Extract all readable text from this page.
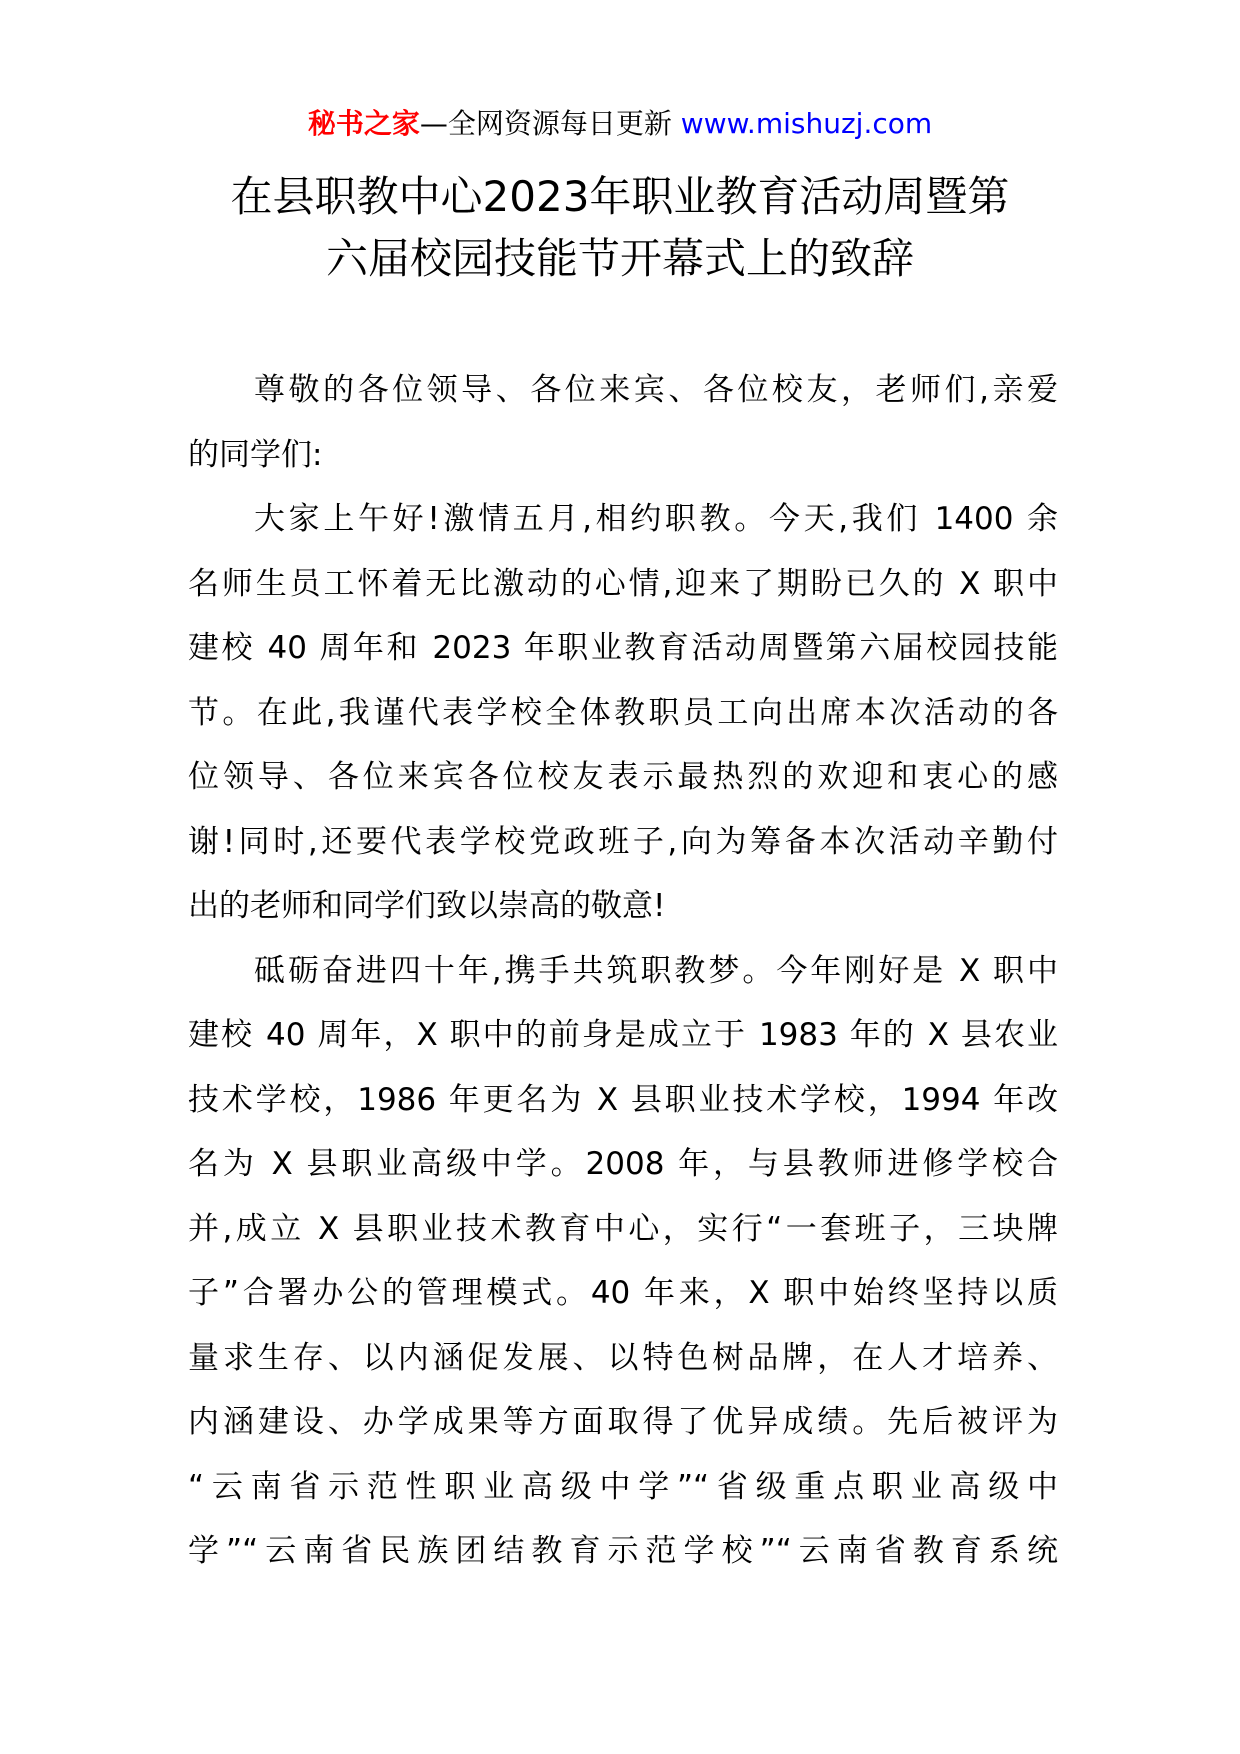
秘书之家—全网资源每日更新 www.mishuzj.com
在县职教中心2023年职业教育活动周暨第
六届校园技能节开幕式上的致辞

尊敬的各位领导、各位来宾、各位校友，老师们,亲爱
的同学们:

大家上午好!激情五月,相约职教。今天,我们 1400 余
名师生员工怀着无比激动的心情,迎来了期盼已久的 X 职中
建校 40 周年和 2023 年职业教育活动周暨第六届校园技能
节。在此,我谨代表学校全体教职员工向出席本次活动的各
位领导、各位来宾各位校友表示最热烈的欢迎和衷心的感
谢!同时,还要代表学校党政班子,向为筹备本次活动辛勤付
出的老师和同学们致以崇高的敬意!

砥砺奋进四十年,携手共筑职教梦。今年刚好是 X 职中
建校 40 周年，X 职中的前身是成立于 1983 年的 X 县农业
技术学校，1986 年更名为 X 县职业技术学校，1994 年改
名为 X 县职业高级中学。2008 年，与县教师进修学校合
并,成立 X 县职业技术教育中心，实行“一套班子，三块牌
子”合署办公的管理模式。40 年来，X 职中始终坚持以质
量求生存、以内涵促发展、以特色树品牌，在人才培养、
内涵建设、办学成果等方面取得了优异成绩。先后被评为
“云南省示范性职业高级中学”“省级重点职业高级中
学”“云南省民族团结教育示范学校”“云南省教育系统
